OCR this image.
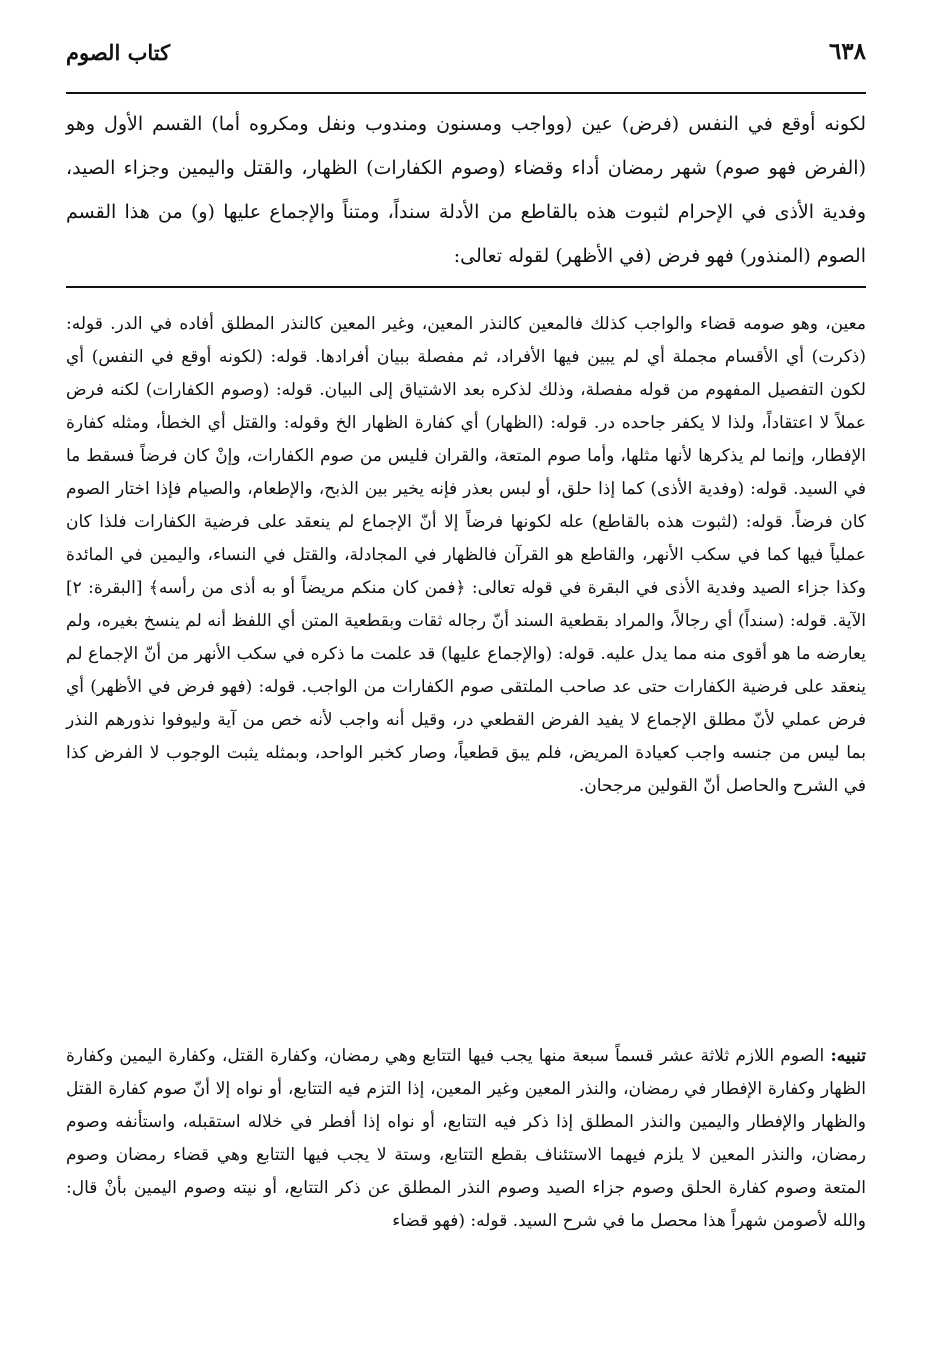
٦٣٨
كتاب الصوم

لكونه أوقع في النفس (فرض) عين (وواجب ومسنون ومندوب ونفل ومكروه أما) القسم الأول وهو (الفرض فهو صوم) شهر رمضان أداء وقضاء (وصوم الكفارات) الظهار، والقتل واليمين وجزاء الصيد، وفدية الأذى في الإحرام لثبوت هذه بالقاطع من الأدلة سنداً، ومتناً والإجماع عليها (و) من هذا القسم الصوم (المنذور) فهو فرض (في الأظهر) لقوله تعالى:

معين، وهو صومه قضاء والواجب كذلك فالمعين كالنذر المعين، وغير المعين كالنذر المطلق أفاده في الدر. قوله: (ذكرت) أي الأقسام مجملة أي لم يبين فيها الأفراد، ثم مفصلة ببيان أفرادها. قوله: (لكونه أوقع في النفس) أي لكون التفصيل المفهوم من قوله مفصلة، وذلك لذكره بعد الاشتياق إلى البيان. قوله: (وصوم الكفارات) لكنه فرض عملاً لا اعتقاداً، ولذا لا يكفر جاحده در. قوله: (الظهار) أي كفارة الظهار الخ وقوله: والقتل أي الخطأ، ومثله كفارة الإفطار، وإنما لم يذكرها لأنها مثلها، وأما صوم المتعة، والقران فليس من صوم الكفارات، وإنْ كان فرضاً فسقط ما في السيد. قوله: (وفدية الأذى) كما إذا حلق، أو لبس بعذر فإنه يخير بين الذبح، والإطعام، والصيام فإذا اختار الصوم كان فرضاً. قوله: (لثبوت هذه بالقاطع) عله لكونها فرضاً إلا أنّ الإجماع لم ينعقد على فرضية الكفارات فلذا كان عملياً فيها كما في سكب الأنهر، والقاطع هو القرآن فالظهار في المجادلة، والقتل في النساء، واليمين في المائدة وكذا جزاء الصيد وفدية الأذى في البقرة في قوله تعالى: ﴿فمن كان منكم مريضاً أو به أذى من رأسه﴾ [البقرة: ٢] الآية. قوله: (سنداً) أي رجالاً، والمراد بقطعية السند أنّ رجاله ثقات وبقطعية المتن أي اللفظ أنه لم ينسخ بغيره، ولم يعارضه ما هو أقوى منه مما يدل عليه. قوله: (والإجماع عليها) قد علمت ما ذكره في سكب الأنهر من أنّ الإجماع لم ينعقد على فرضية الكفارات حتى عد صاحب الملتقى صوم الكفارات من الواجب. قوله: (فهو فرض في الأظهر) أي فرض عملي لأنّ مطلق الإجماع لا يفيد الفرض القطعي در، وقيل أنه واجب لأنه خص من آية وليوفوا نذورهم النذر بما ليس من جنسه واجب كعيادة المريض، فلم يبق قطعياً، وصار كخبر الواحد، وبمثله يثبت الوجوب لا الفرض كذا في الشرح والحاصل أنّ القولين مرجحان.

تنبيه: الصوم اللازم ثلاثة عشر قسماً سبعة منها يجب فيها التتابع وهي رمضان، وكفارة القتل، وكفارة اليمين وكفارة الظهار وكفارة الإفطار في رمضان، والنذر المعين وغير المعين، إذا التزم فيه التتابع، أو نواه إلا أنّ صوم كفارة القتل والظهار والإفطار واليمين والنذر المطلق إذا ذكر فيه التتابع، أو نواه إذا أفطر في خلاله استقبله، واستأنفه وصوم رمضان، والنذر المعين لا يلزم فيهما الاستئناف بقطع التتابع، وستة لا يجب فيها التتابع وهي قضاء رمضان وصوم المتعة وصوم كفارة الحلق وصوم جزاء الصيد وصوم النذر المطلق عن ذكر التتابع، أو نيته وصوم اليمين بأنْ قال: والله لأصومن شهراً هذا محصل ما في شرح السيد. قوله: (فهو قضاء
